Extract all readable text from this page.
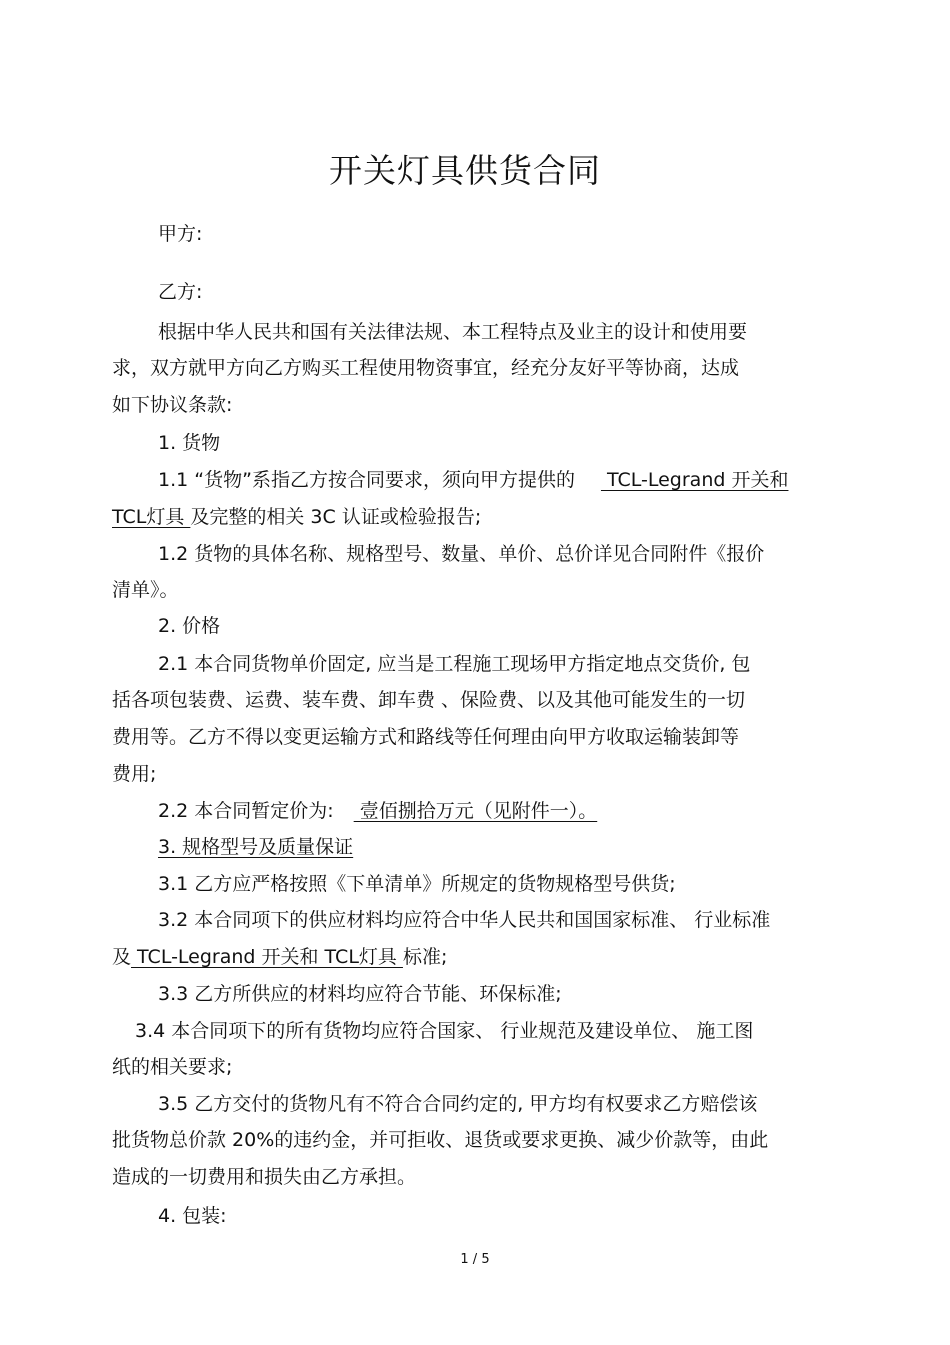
开关灯具供货合同
甲方:
乙方:
根据中华人民共和国有关法律法规、本工程特点及业主的设计和使用要
求，双方就甲方向乙方购买工程使用物资事宜，经充分友好平等协商，达成
如下协议条款:
1. 货物
1.1 “货物”系指乙方按合同要求，须向甲方提供的 TCL-Legrand 开关和
TCL灯具 及完整的相关 3C 认证或检验报告;
1.2 货物的具体名称、规格型号、数量、单价、总价详见合同附件《报价
清单》。
2. 价格
2.1 本合同货物单价固定, 应当是工程施工现场甲方指定地点交货价, 包
括各项包装费、运费、装车费、卸车费 、保险费、以及其他可能发生的一切
费用等。乙方不得以变更运输方式和路线等任何理由向甲方收取运输装卸等
费用;
2.2 本合同暂定价为: 壹佰捌拾万元（见附件一）。
3. 规格型号及质量保证
3.1 乙方应严格按照《下单清单》所规定的货物规格型号供货;
3.2 本合同项下的供应材料均应符合中华人民共和国国家标准、 行业标准
及 TCL-Legrand 开关和 TCL灯具 标准;
3.3 乙方所供应的材料均应符合节能、环保标准;
3.4 本合同项下的所有货物均应符合国家、 行业规范及建设单位、 施工图
纸的相关要求;
3.5 乙方交付的货物凡有不符合合同约定的, 甲方均有权要求乙方赔偿该
批货物总价款 20%的违约金，并可拒收、退货或要求更换、减少价款等，由此
造成的一切费用和损失由乙方承担。
4. 包装:
1 / 5
